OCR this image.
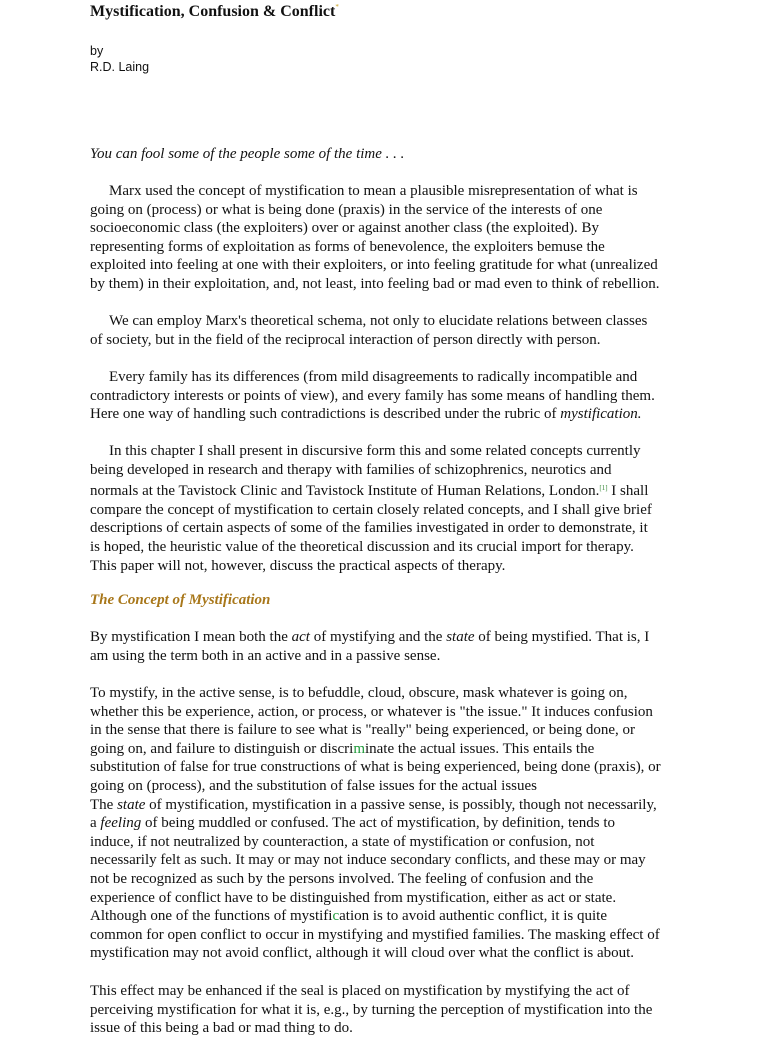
Mystification, Confusion & Conflict*
by
R.D. Laing
You can fool some of the people some of the time . . .
Marx used the concept of mystification to mean a plausible misrepresentation of what is
going on (process) or what is being done (praxis) in the service of the interests of one
socioeconomic class (the exploiters) over or against another class (the exploited). By
representing forms of exploitation as forms of benevolence, the exploiters bemuse the
exploited into feeling at one with their exploiters, or into feeling gratitude for what (unrealized
by them) in their exploitation, and, not least, into feeling bad or mad even to think of rebellion.
We can employ Marx's theoretical schema, not only to elucidate relations between classes
of society, but in the field of the reciprocal interaction of person directly with person.
Every family has its differences (from mild disagreements to radically incompatible and
contradictory interests or points of view), and every family has some means of handling them.
Here one way of handling such contradictions is described under the rubric of mystification.
In this chapter I shall present in discursive form this and some related concepts currently
being developed in research and therapy with families of schizophrenics, neurotics and
normals at the Tavistock Clinic and Tavistock Institute of Human Relations, London.[1] I shall
compare the concept of mystification to certain closely related concepts, and I shall give brief
descriptions of certain aspects of some of the families investigated in order to demonstrate, it
is hoped, the heuristic value of the theoretical discussion and its crucial import for therapy.
This paper will not, however, discuss the practical aspects of therapy.
The Concept of Mystification
By mystification I mean both the act of mystifying and the state of being mystified. That is, I
am using the term both in an active and in a passive sense.
To mystify, in the active sense, is to befuddle, cloud, obscure, mask whatever is going on,
whether this be experience, action, or process, or whatever is "the issue." It induces confusion
in the sense that there is failure to see what is "really" being experienced, or being done, or
going on, and failure to distinguish or discriminate the actual issues. This entails the
substitution of false for true constructions of what is being experienced, being done (praxis), or
going on (process), and the substitution of false issues for the actual issues
The state of mystification, mystification in a passive sense, is possibly, though not necessarily,
a feeling of being muddled or confused. The act of mystification, by definition, tends to
induce, if not neutralized by counteraction, a state of mystification or confusion, not
necessarily felt as such. It may or may not induce secondary conflicts, and these may or may
not be recognized as such by the persons involved. The feeling of confusion and the
experience of conflict have to be distinguished from mystification, either as act or state.
Although one of the functions of mystification is to avoid authentic conflict, it is quite
common for open conflict to occur in mystifying and mystified families. The masking effect of
mystification may not avoid conflict, although it will cloud over what the conflict is about.
This effect may be enhanced if the seal is placed on mystification by mystifying the act of
perceiving mystification for what it is, e.g., by turning the perception of mystification into the
issue of this being a bad or mad thing to do.
